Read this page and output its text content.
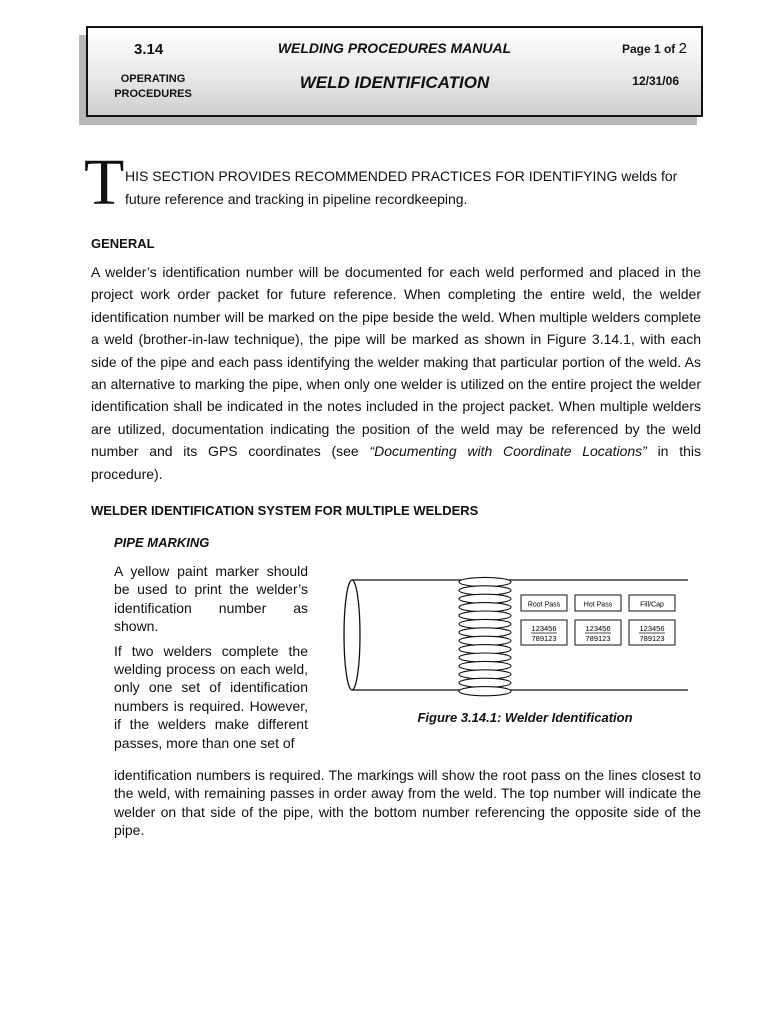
3.14	WELDING PROCEDURES MANUAL	Page 1 of 2
OPERATING PROCEDURES
WELD IDENTIFICATION	12/31/06
T HIS SECTION PROVIDES RECOMMENDED PRACTICES FOR IDENTIFYING welds for future reference and tracking in pipeline recordkeeping.
GENERAL
A welder’s identification number will be documented for each weld performed and placed in the project work order packet for future reference. When completing the entire weld, the welder identification number will be marked on the pipe beside the weld. When multiple welders complete a weld (brother-in-law technique), the pipe will be marked as shown in Figure 3.14.1, with each side of the pipe and each pass identifying the welder making that particular portion of the weld. As an alternative to marking the pipe, when only one welder is utilized on the entire project the welder identification shall be indicated in the notes included in the project packet. When multiple welders are utilized, documentation indicating the position of the weld may be referenced by the weld number and its GPS coordinates (see “Documenting with Coordinate Locations” in this procedure).
WELDER IDENTIFICATION SYSTEM FOR MULTIPLE WELDERS
PIPE MARKING

A yellow paint marker should be used to print the welder’s identification number as shown.

If two welders complete the welding process on each weld, only one set of identification numbers is required. However, if the welders make different passes, more than one set of

identification numbers is required. The markings will show the root pass on the lines closest to the weld, with remaining passes in order away from the weld. The top number will indicate the welder on that side of the pipe, with the bottom number referencing the opposite side of the pipe.
Root Pass
123456
789123
Hot Pass
123456
789123
Fill/Cap
123456
789123
Figure 3.14.1: Welder Identification
